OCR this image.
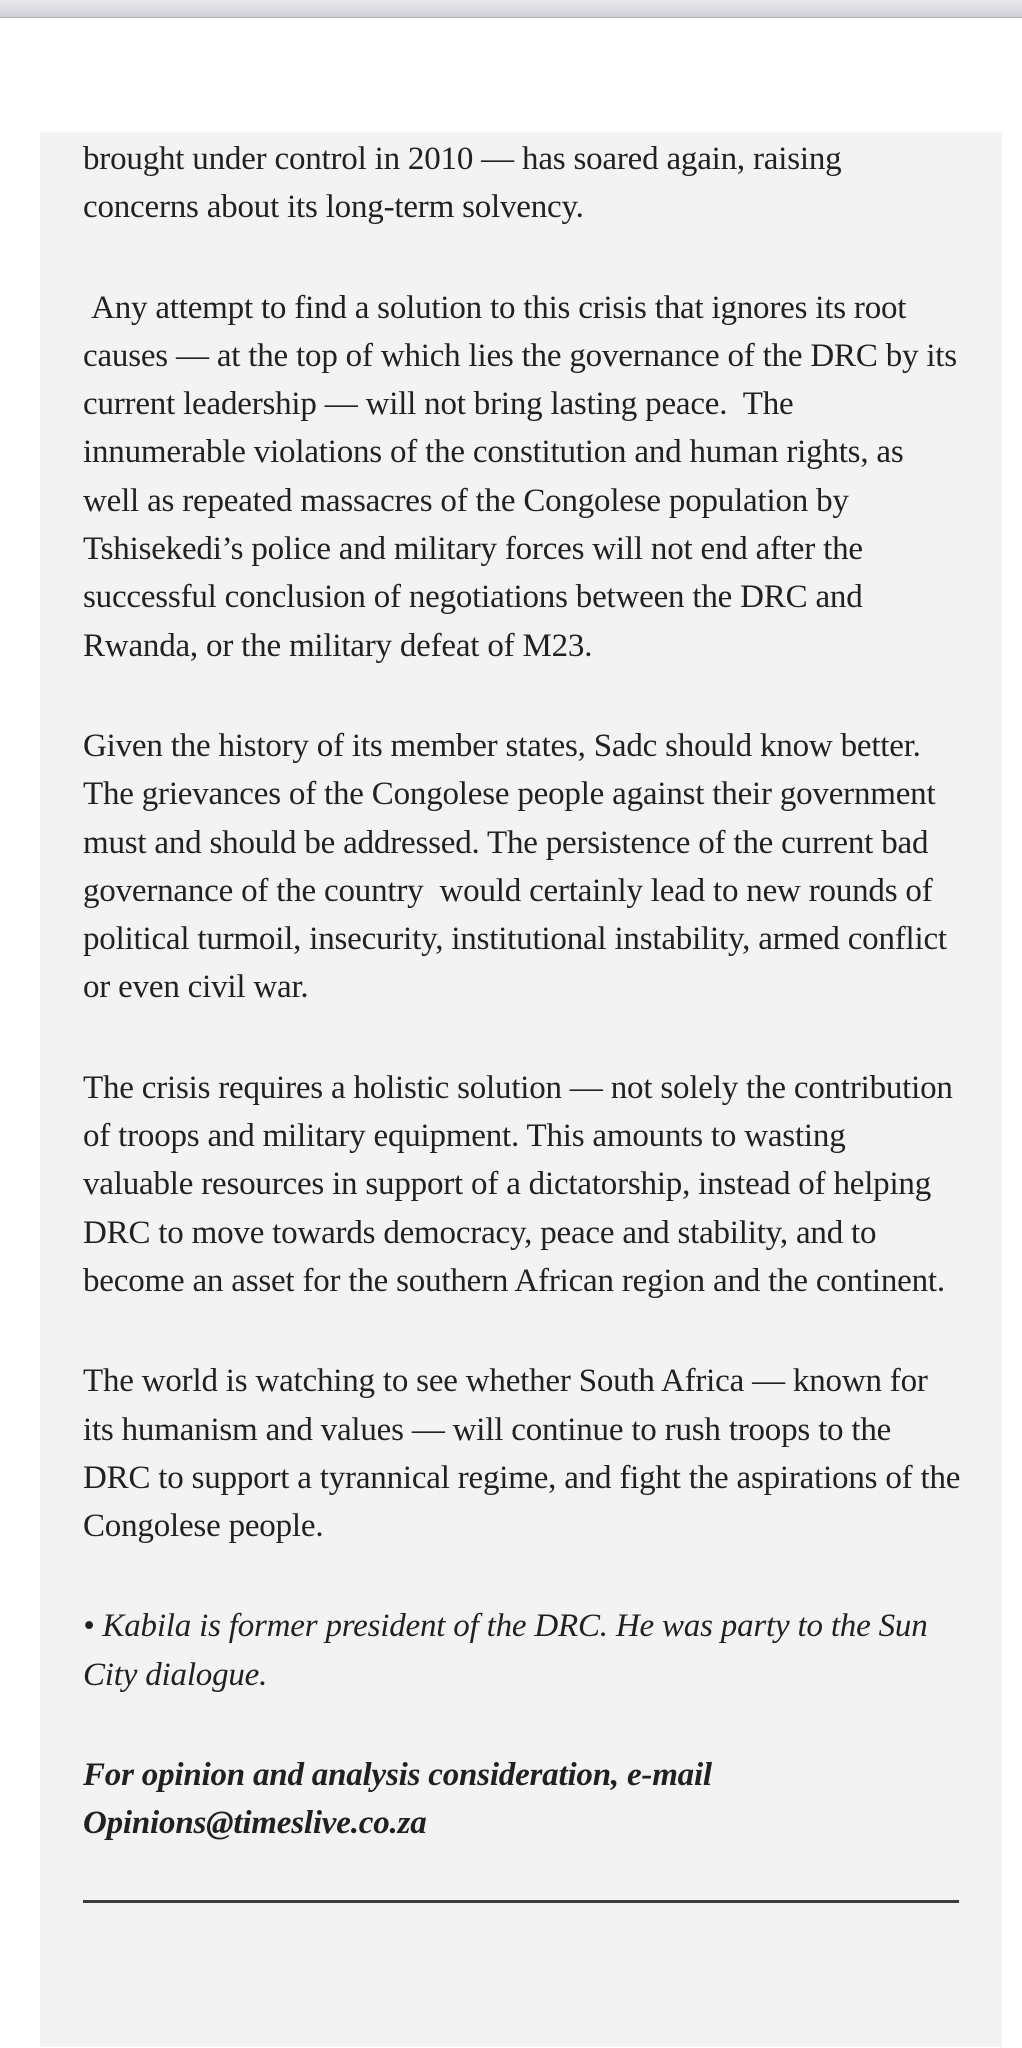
brought under control in 2010 — has soared again, raising concerns about its long-term solvency.

Any attempt to find a solution to this crisis that ignores its root causes — at the top of which lies the governance of the DRC by its current leadership — will not bring lasting peace.  The innumerable violations of the constitution and human rights, as well as repeated massacres of the Congolese population by Tshisekedi’s police and military forces will not end after the successful conclusion of negotiations between the DRC and Rwanda, or the military defeat of M23.

Given the history of its member states, Sadc should know better. The grievances of the Congolese people against their government must and should be addressed. The persistence of the current bad governance of the country  would certainly lead to new rounds of political turmoil, insecurity, institutional instability, armed conflict or even civil war.

The crisis requires a holistic solution — not solely the contribution of troops and military equipment. This amounts to wasting valuable resources in support of a dictatorship, instead of helping DRC to move towards democracy, peace and stability, and to become an asset for the southern African region and the continent.

The world is watching to see whether South Africa — known for its humanism and values — will continue to rush troops to the DRC to support a tyrannical regime, and fight the aspirations of the Congolese people.

• Kabila is former president of the DRC. He was party to the Sun City dialogue.

For opinion and analysis consideration, e-mail Opinions@timeslive.co.za
